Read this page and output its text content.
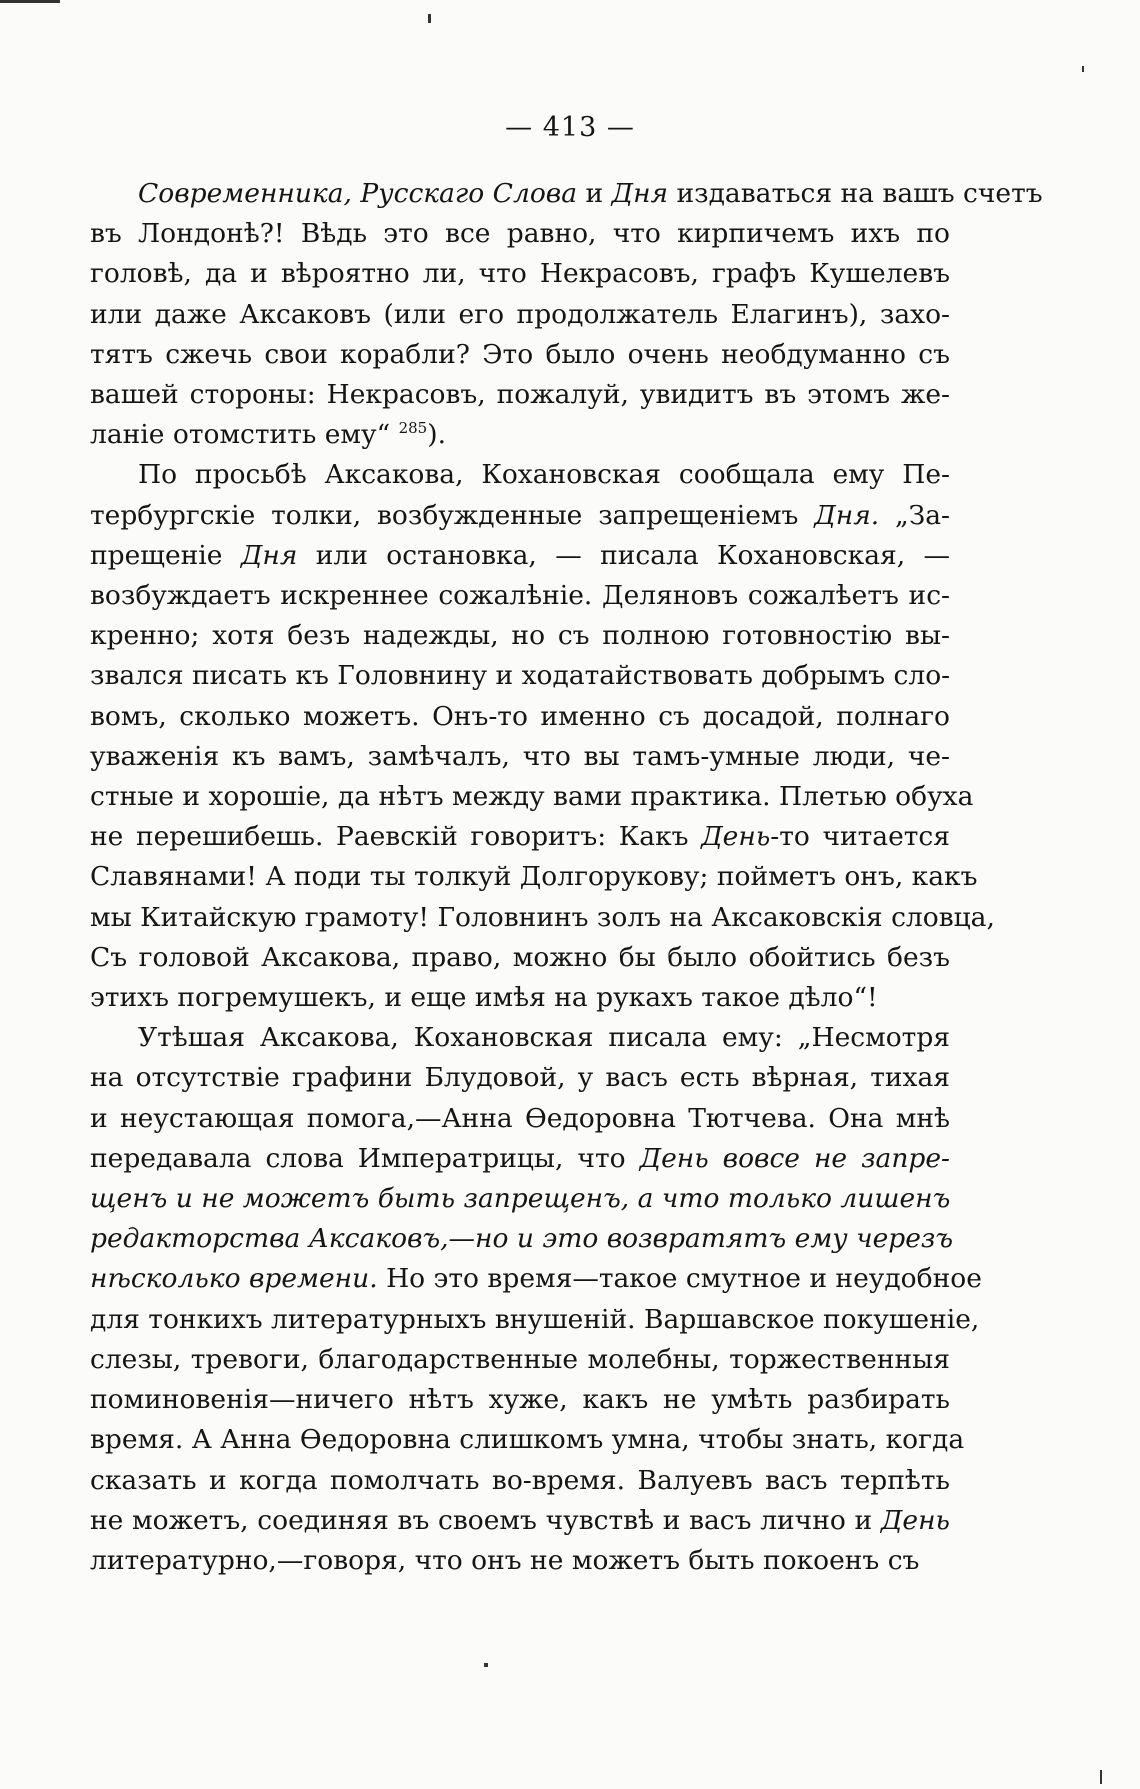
— 413 —
Современника, Русскаго Слова и Дня издаваться на вашъ счетъ
въ Лондонѣ?! Вѣдь это все равно, что кирпичемъ ихъ по
головѣ, да и вѣроятно ли, что Некрасовъ, графъ Кушелевъ
или даже Аксаковъ (или его продолжатель Елагинъ), захо-
тятъ сжечь свои корабли? Это было очень необдуманно съ
вашей стороны: Некрасовъ, пожалуй, увидитъ въ этомъ же-
ланіе отомстить ему“ $^{285}$).
По просьбѣ Аксакова, Кохановская сообщала ему Пе-
тербургскіе толки, возбужденные запрещеніемъ Дня. „За-
прещеніе Дня или остановка, — писала Кохановская, —
возбуждаетъ искреннее сожалѣніе. Деляновъ сожалѣетъ ис-
кренно; хотя безъ надежды, но съ полною готовностію вы-
звался писать къ Головнину и ходатайствовать добрымъ сло-
вомъ, сколько можетъ. Онъ-то именно съ досадой, полнаго
уваженія къ вамъ, замѣчалъ, что вы тамъ-умные люди, че-
стные и хорошіе, да нѣтъ между вами практика. Плетью обуха
не перешибешь. Раевскій говоритъ: Какъ День-то читается
Славянами! А поди ты толкуй Долгорукову; пойметъ онъ, какъ
мы Китайскую грамоту! Головнинъ золъ на Аксаковскія словца,
Съ головой Аксакова, право, можно бы было обойтись безъ
этихъ погремушекъ, и еще имѣя на рукахъ такое дѣло“!
Утѣшая Аксакова, Кохановская писала ему: „Несмотря
на отсутствіе графини Блудовой, у васъ есть вѣрная, тихая
и неустающая помога,—Анна Ѳедоровна Тютчева. Она мнѣ
передавала слова Императрицы, что День вовсе не запре-
щенъ и не можетъ быть запрещенъ, а что только лишенъ
редакторства Аксаковъ,—но и это возвратятъ ему черезъ
нѣсколько времени. Но это время—такое смутное и неудобное
для тонкихъ литературныхъ внушеній. Варшавское покушеніе,
слезы, тревоги, благодарственные молебны, торжественныя
поминовенія—ничего нѣтъ хуже, какъ не умѣть разбирать
время. А Анна Ѳедоровна слишкомъ умна, чтобы знать, когда
сказать и когда помолчать во-время. Валуевъ васъ терпѣть
не можетъ, соединяя въ своемъ чувствѣ и васъ лично и День
литературно,—говоря, что онъ не можетъ быть покоенъ съ
